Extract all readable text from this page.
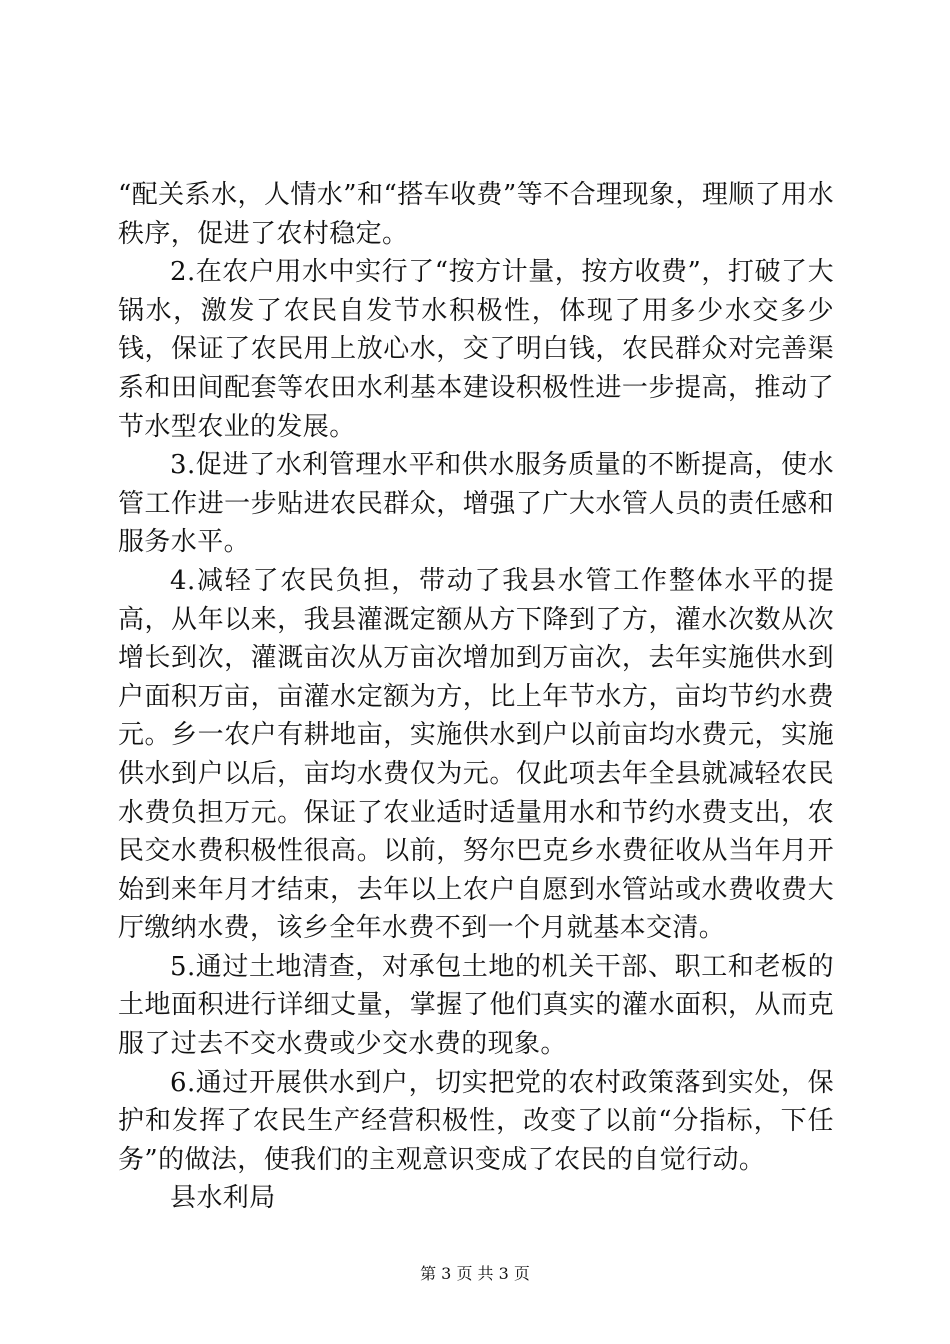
“配关系水，人情水”和“搭车收费”等不合理现象，理顺了用水秩序，促进了农村稳定。

2.在农户用水中实行了“按方计量，按方收费”，打破了大锅水，激发了农民自发节水积极性，体现了用多少水交多少钱，保证了农民用上放心水，交了明白钱，农民群众对完善渠系和田间配套等农田水利基本建设积极性进一步提高，推动了节水型农业的发展。

3.促进了水利管理水平和供水服务质量的不断提高，使水管工作进一步贴进农民群众，增强了广大水管人员的责任感和服务水平。

4.减轻了农民负担，带动了我县水管工作整体水平的提高，从年以来，我县灌溉定额从方下降到了方，灌水次数从次增长到次，灌溉亩次从万亩次增加到万亩次，去年实施供水到户面积万亩，亩灌水定额为方，比上年节水方，亩均节约水费元。乡一农户有耕地亩，实施供水到户以前亩均水费元，实施供水到户以后，亩均水费仅为元。仅此项去年全县就减轻农民水费负担万元。保证了农业适时适量用水和节约水费支出，农民交水费积极性很高。以前，努尔巴克乡水费征收从当年月开始到来年月才结束，去年以上农户自愿到水管站或水费收费大厅缴纳水费，该乡全年水费不到一个月就基本交清。

5.通过土地清查，对承包土地的机关干部、职工和老板的土地面积进行详细丈量，掌握了他们真实的灌水面积，从而克服了过去不交水费或少交水费的现象。

6.通过开展供水到户，切实把党的农村政策落到实处，保护和发挥了农民生产经营积极性，改变了以前“分指标，下任务”的做法，使我们的主观意识变成了农民的自觉行动。

县水利局

第 3 页 共 3 页
